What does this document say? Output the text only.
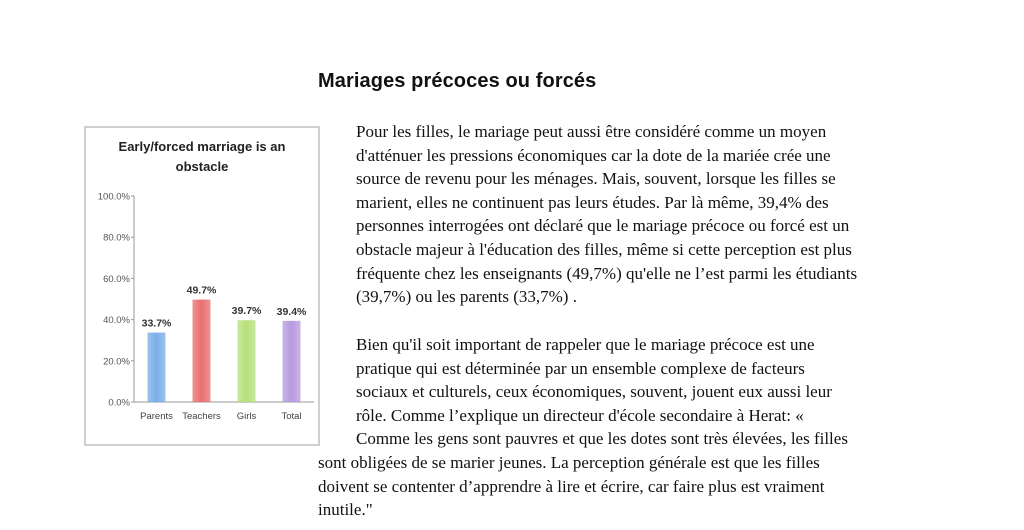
Mariages précoces ou forcés
Early/forced marriage is an
obstacle
0.0%
20.0%
40.0%
60.0%
80.0%
100.0%
33.7%
Parents
49.7%
Teachers
39.7%
Girls
39.4%
Total
Pour les filles, le mariage peut aussi être considéré comme un moyen
d'atténuer les pressions économiques car la dote de la mariée crée une
source de revenu pour les ménages. Mais, souvent, lorsque les filles se
marient, elles ne continuent pas leurs études. Par là même, 39,4% des
personnes interrogées ont déclaré que le mariage précoce ou forcé est un
obstacle majeur à l'éducation des filles, même si cette perception est plus
fréquente chez les enseignants (49,7%) qu'elle ne l’est parmi les étudiants
(39,7%) ou les parents (33,7%) .
Bien qu'il soit important de rappeler que le mariage précoce est une
pratique qui est déterminée par un ensemble complexe de facteurs
sociaux et culturels, ceux économiques, souvent, jouent eux aussi leur
rôle. Comme l’explique un directeur d'école secondaire à Herat: «
Comme les gens sont pauvres et que les dotes sont très élevées, les filles
sont obligées de se marier jeunes. La perception générale est que les filles
doivent se contenter d’apprendre à lire et écrire, car faire plus est vraiment
inutile."
